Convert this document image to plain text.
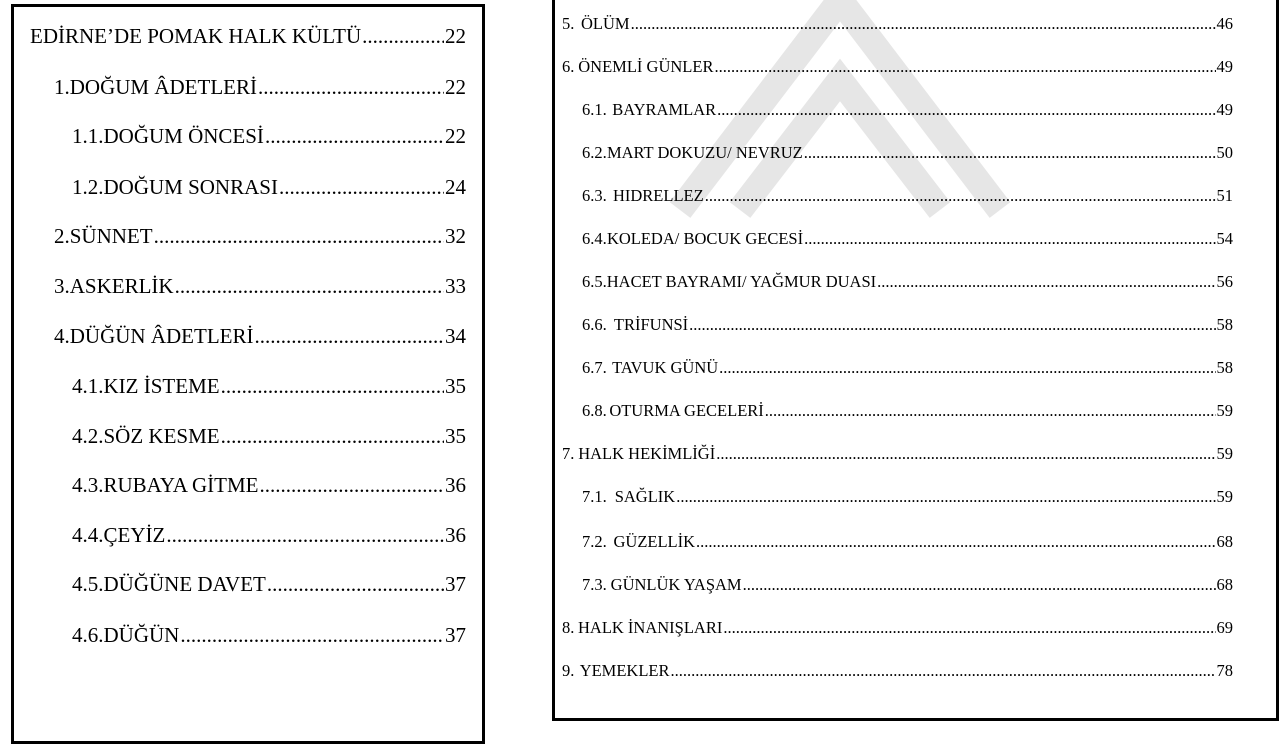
EDİRNE’DE POMAK HALK KÜLTÜ .....	22
1. DOĞUM ÂDETLERİ .....	22
1.1. DOĞUM ÖNCESİ .....	22
1.2. DOĞUM SONRASI .....	24
2. SÜNNET .....	32
3. ASKERLİK .....	33
4. DÜĞÜN ÂDETLERİ .....	34
4.1. KIZ İSTEME .....	35
4.2. SÖZ KESME .....	35
4.3. RUBAYA GİTME .....	36
4.4. ÇEYİZ .....	36
4.5. DÜĞÜNE DAVET .....	37
4.6. DÜĞÜN .....	37
5. ÖLÜM .....	46
6. ÖNEMLİ GÜNLER .....	49
6.1. BAYRAMLAR .....	49
6.2. MART DOKUZU/ NEVRUZ .....	50
6.3. HIDRELLEZ .....	51
6.4. KOLEDA/ BOCUK GECESİ .....	54
6.5. HACET BAYRAMI/ YAĞMUR DUASI .....	56
6.6. TRİFUNSİ .....	58
6.7. TAVUK GÜNÜ .....	58
6.8. OTURMA GECELERİ .....	59
7. HALK HEKİMLİĞİ .....	59
7.1. SAĞLIK .....	59
7.2. GÜZELLİK .....	68
7.3. GÜNLÜK YAŞAM .....	68
8. HALK İNANIŞLARI .....	69
9. YEMEKLER .....	78
